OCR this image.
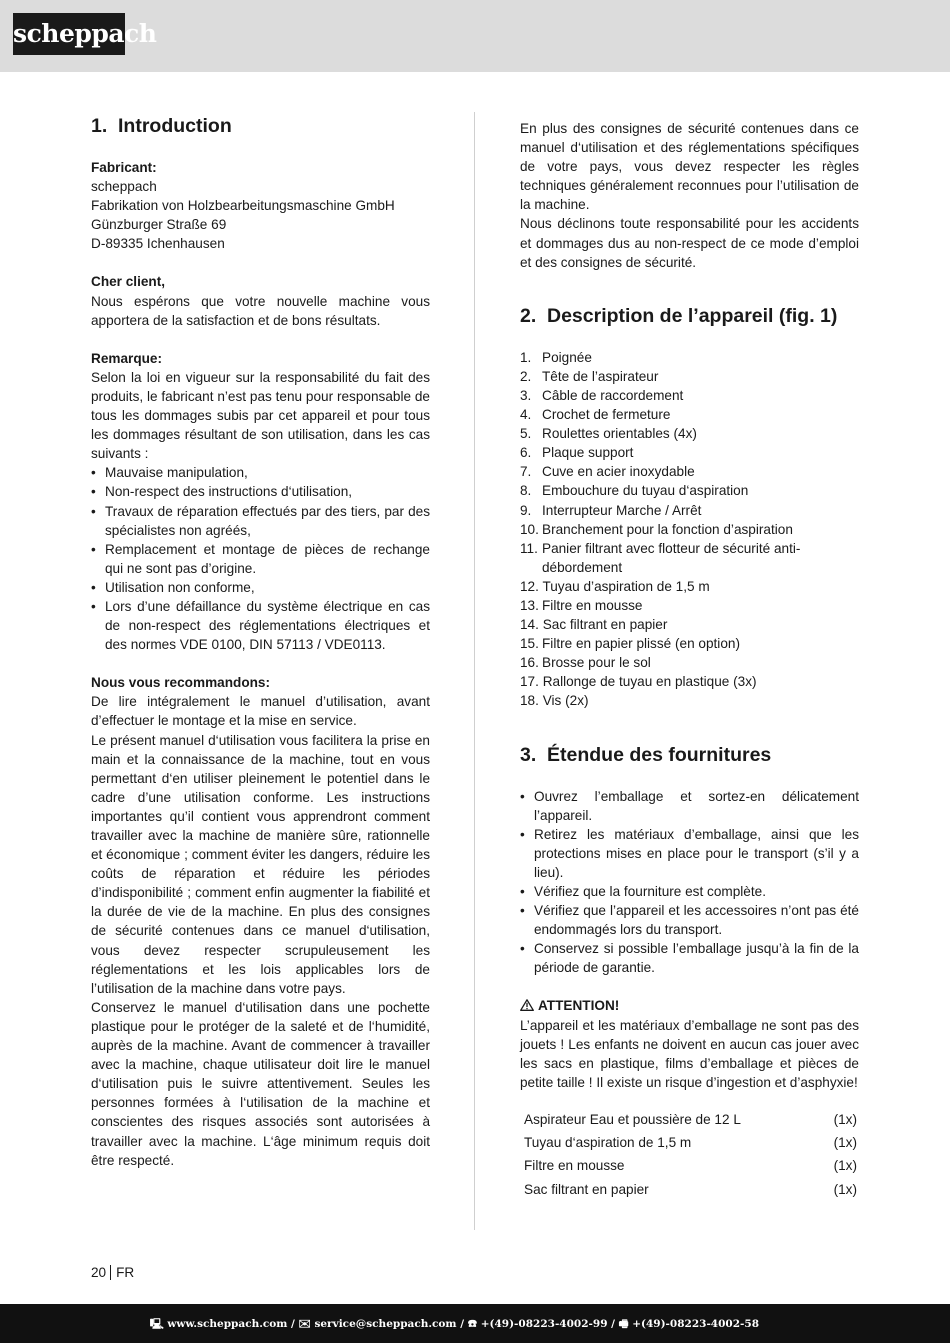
scheppach
1. Introduction
Fabricant:
scheppach
Fabrikation von Holzbearbeitungsmaschine GmbH
Günzburger Straße 69
D-89335 Ichenhausen
Cher client,

Nous espérons que votre nouvelle machine vous apportera de la satisfaction et de bons résultats.

Remarque:

Selon la loi en vigueur sur la responsabilité du fait des produits, le fabricant n’est pas tenu pour responsable de tous les dommages subis par cet appareil et pour tous les dommages résultant de son utilisation, dans les cas suivants :

• Mauvaise manipulation,
• Non-respect des instructions d‘utilisation,
• Travaux de réparation effectués par des tiers, par des spécialistes non agréés,
• Remplacement et montage de pièces de rechange qui ne sont pas d’origine.
• Utilisation non conforme,
• Lors d’une défaillance du système électrique en cas de non-respect des réglementations électriques et des normes VDE 0100, DIN 57113 / VDE0113.
Nous vous recommandons:

De lire intégralement le manuel d’utilisation, avant d’effectuer le montage et la mise en service.

Le présent manuel d‘utilisation vous facilitera la prise en main et la connaissance de la machine, tout en vous permettant d‘en utiliser pleinement le potentiel dans le cadre d’une utilisation conforme. Les instructions importantes qu’il contient vous apprendront comment travailler avec la machine de manière sûre, rationnelle et économique ; comment éviter les dangers, réduire les coûts de réparation et réduire les périodes d’indisponibilité ; comment enfin augmenter la fiabilité et la durée de vie de la machine. En plus des consignes de sécurité contenues dans ce manuel d‘utilisation, vous devez respecter scrupuleusement les réglementations et les lois applicables lors de l’utilisation de la machine dans votre pays.

Conservez le manuel d‘utilisation dans une pochette plastique pour le protéger de la saleté et de l‘humidité, auprès de la machine. Avant de commencer à travailler avec la machine, chaque utilisateur doit lire le manuel d‘utilisation puis le suivre attentivement. Seules les personnes formées à l‘utilisation de la machine et conscientes des risques associés sont autorisées à travailler avec la machine. L‘âge minimum requis doit être respecté.

En plus des consignes de sécurité contenues dans ce manuel d‘utilisation et des réglementations spécifiques de votre pays, vous devez respecter les règles techniques généralement reconnues pour l’utilisation de la machine.

Nous déclinons toute responsabilité pour les accidents et dommages dus au non-respect de ce mode d’emploi et des consignes de sécurité.

2. Description de l’appareil (fig. 1)
1. Poignée
2. Tête de l’aspirateur
3. Câble de raccordement
4. Crochet de fermeture
5. Roulettes orientables (4x)
6. Plaque support
7. Cuve en acier inoxydable
8. Embouchure du tuyau d‘aspiration
9. Interrupteur Marche / Arrêt
10. Branchement pour la fonction d’aspiration
11. Panier filtrant avec flotteur de sécurité anti-débordement
12. Tuyau d’aspiration de 1,5 m
13. Filtre en mousse
14. Sac filtrant en papier
15. Filtre en papier plissé (en option)
16. Brosse pour le sol
17. Rallonge de tuyau en plastique (3x)
18. Vis (2x)
3. Étendue des fournitures
• Ouvrez l’emballage et sortez-en délicatement l’appareil.
• Retirez les matériaux d’emballage, ainsi que les protections mises en place pour le transport (s’il y a lieu).
• Vérifiez que la fourniture est complète.
• Vérifiez que l’appareil et les accessoires n’ont pas été endommagés lors du transport.
• Conservez si possible l’emballage jusqu’à la fin de la période de garantie.
ATTENTION!

L’appareil et les matériaux d’emballage ne sont pas des jouets ! Les enfants ne doivent en aucun cas jouer avec les sacs en plastique, films d’emballage et pièces de petite taille ! Il existe un risque d’ingestion et d’asphyxie!

Aspirateur Eau et poussière de 12 L	(1x)
Tuyau d‘aspiration de 1,5 m	(1x)
Filtre en mousse	(1x)
Sac filtrant en papier	(1x)
20 FR
🖳 www.scheppach.com / ✉ service@scheppach.com / ☎ +(49)-08223-4002-99 / 🖷 +(49)-08223-4002-58
